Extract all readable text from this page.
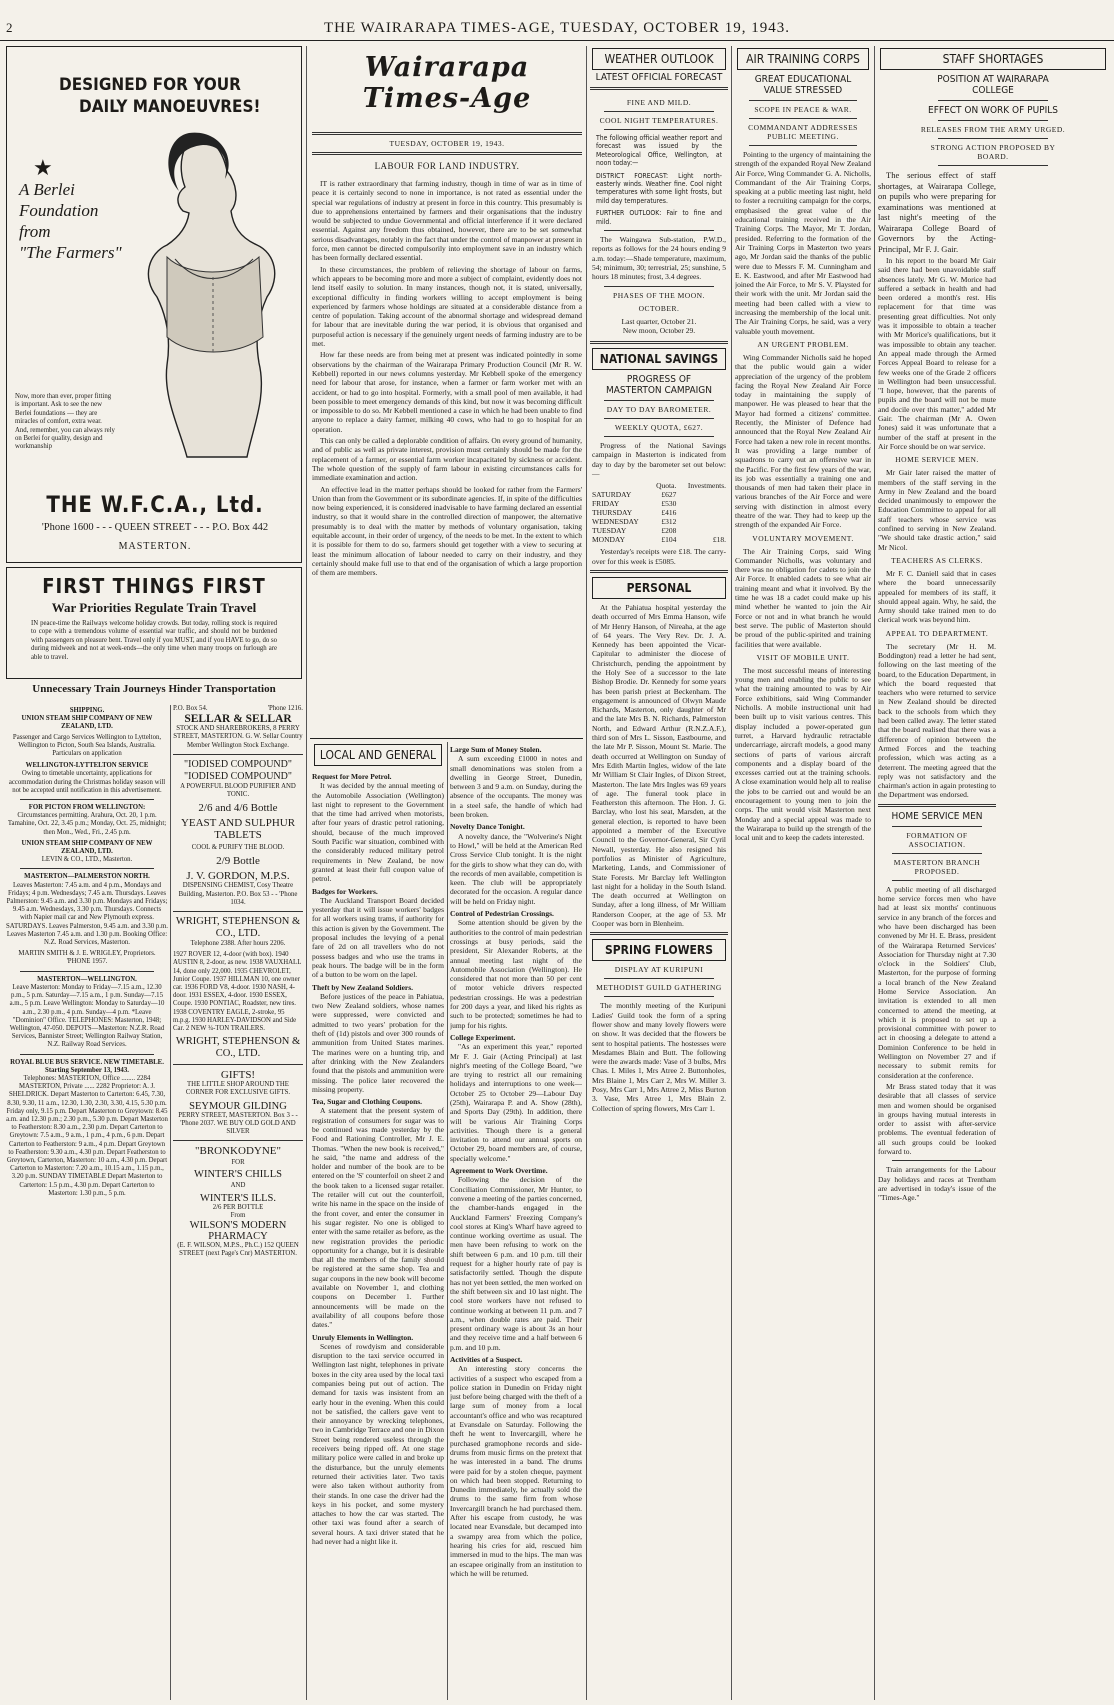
2	THE WAIRARAPA TIMES-AGE, TUESDAY, OCTOBER 19, 1943.
DESIGNED FOR YOUR
DAILY MANOEUVRES!
★
A Berlei
Foundation
from
"The Farmers"
Now, more than ever, proper fitting is important. Ask to see the new Berlei foundations — they are miracles of comfort, extra wear. And, remember, you can always rely on Berlei for quality, design and workmanship
THE W.F.C.A., Ltd.
'Phone 1600 - - - QUEEN STREET - - - P.O. Box 442
MASTERTON.
FIRST THINGS FIRST
War Priorities Regulate Train Travel
IN peace-time the Railways welcome holiday crowds. But today, rolling stock is required to cope with a tremendous volume of essential war traffic, and should not be burdened with passengers on pleasure bent. Travel only if you MUST, and if you HAVE to go, do so during midweek and not at week-ends—the only time when many troops on furlough are able to travel.
Unnecessary Train Journeys Hinder Transportation
SHIPPING.
UNION STEAM SHIP COMPANY OF NEW ZEALAND, LTD.
Passenger and Cargo Services Wellington to Lyttelton, Wellington to Picton, South Sea Islands, Australia. Particulars on application
WELLINGTON-LYTTELTON SERVICE
Owing to timetable uncertainty, applications for accommodation during the Christmas holiday season will not be accepted until notification in this advertisement.
FOR PICTON FROM WELLINGTON:
Circumstances permitting. Arahura, Oct. 20, 1 p.m. Tamahine, Oct. 22, 3.45 p.m.; Monday, Oct. 25, midnight; then Mon., Wed., Fri., 2.45 p.m.
UNION STEAM SHIP COMPANY OF NEW ZEALAND, LTD.
LEVIN & CO., LTD., Masterton.
MASTERTON—PALMERSTON NORTH.
Leaves Masterton: 7.45 a.m. and 4 p.m., Mondays and Fridays; 4 p.m. Wednesdays; 7.45 a.m. Thursdays. Leaves Palmerston: 9.45 a.m. and 3.30 p.m. Mondays and Fridays; 9.45 a.m. Wednesdays, 3.30 p.m. Thursdays. Connects with Napier mail car and New Plymouth express. SATURDAYS. Leaves Palmerston, 9.45 a.m. and 3.30 p.m. Leaves Masterton 7.45 a.m. and 1.30 p.m. Booking Office: N.Z. Road Services, Masterton.
MARTIN SMITH & J. E. WRIGLEY, Proprietors. 'PHONE 1957.
MASTERTON—WELLINGTON.
Leave Masterton: Monday to Friday—7.15 a.m., 12.30 p.m., 5 p.m. Saturday—7.15 a.m., 1 p.m. Sunday—7.15 a.m., 5 p.m. Leave Wellington: Monday to Saturday—10 a.m., 2.30 p.m., 4 p.m. Sunday—4 p.m. *Leave "Dominion" Office. TELEPHONES: Masterton, 1948; Wellington, 47-050. DEPOTS—Masterton: N.Z.R. Road Services, Bannister Street; Wellington Railway Station, N.Z. Railway Road Services.
ROYAL BLUE BUS SERVICE. NEW TIMETABLE. Starting September 13, 1943.
Telephones: MASTERTON, Office ........ 2284 MASTERTON, Private ...... 2282 Proprietor: A. J. SHELDRICK. Depart Masterton to Carterton: 6.45, 7.30, 8.30, 9.30, 11 a.m., 12.30, 1.30, 2.30, 3.30, 4.15, 5.30 p.m. Friday only, 9.15 p.m. Depart Masterton to Greytown: 8.45 a.m. and 12.30 p.m.; 2.30 p.m., 5.30 p.m. Depart Masterton to Featherston: 8.30 a.m., 2.30 p.m. Depart Carterton to Greytown: 7.5 a.m., 9 a.m., 1 p.m., 4 p.m., 6 p.m. Depart Carterton to Featherston: 9 a.m., 4 p.m. Depart Greytown to Featherston: 9.30 a.m., 4.30 p.m. Depart Featherston to Greytown, Carterton, Masterton: 10 a.m., 4.30 p.m. Depart Carterton to Masterton: 7.20 a.m., 10.15 a.m., 1.15 p.m., 3.20 p.m. SUNDAY TIMETABLE Depart Masterton to Carterton: 1.5 p.m., 4.30 p.m. Depart Carterton to Masterton: 1.30 p.m., 5 p.m.
P.O. Box 54.	'Phone 1216.
SELLAR & SELLAR
STOCK AND SHAREBROKERS, 8 PERRY STREET, MASTERTON. G. W. Sellar Country Member Wellington Stock Exchange.
"IODISED COMPOUND" "IODISED COMPOUND"
A POWERFUL BLOOD PURIFIER AND TONIC.
2/6 and 4/6 Bottle
YEAST AND SULPHUR TABLETS
COOL & PURIFY THE BLOOD.
2/9 Bottle
J. V. GORDON, M.P.S.
DISPENSING CHEMIST, Cosy Theatre Building, Masterton. P.O. Box 53 - - 'Phone 1034.
WRIGHT, STEPHENSON & CO., LTD.
Telephone 2388. After hours 2206.
1927 ROVER 12, 4-door (with box). 1940 AUSTIN 8, 2-door, as new. 1938 VAUXHALL 14, done only 22,000. 1935 CHEVROLET, Junior Coupe. 1937 HILLMAN 10, one owner car. 1936 FORD V8, 4-door. 1930 NASH, 4-door. 1931 ESSEX, 4-door. 1930 ESSEX, Coupe. 1930 PONTIAC, Roadster, new tires. 1938 COVENTRY EAGLE, 2-stroke, 95 m.p.g. 1930 HARLEY-DAVIDSON and Side Car. 2 NEW ¾-TON TRAILERS.
WRIGHT, STEPHENSON & CO., LTD.
GIFTS!
THE LITTLE SHOP AROUND THE CORNER FOR EXCLUSIVE GIFTS.
SEYMOUR GILDING
PERRY STREET, MASTERTON. Box 3 - - 'Phone 2037. WE BUY OLD GOLD AND SILVER
"BRONKODYNE"
FOR
WINTER'S CHILLS
AND
WINTER'S ILLS.
2/6 PER BOTTLE
From
WILSON'S MODERN PHARMACY
(E. F. WILSON, M.P.S., Ph.C.) 152 QUEEN STREET (next Page's Cnr) MASTERTON.
Wairarapa Times-Age
TUESDAY, OCTOBER 19, 1943.
LABOUR FOR LAND INDUSTRY.
IT is rather extraordinary that farming industry, though in time of war as in time of peace it is certainly second to none in importance, is not rated as essential under the special war regulations of industry at present in force in this country. This presumably is due to apprehensions entertained by farmers and their organisations that the industry would be subjected to undue Governmental and official interference if it were declared essential. Against any freedom thus obtained, however, there are to be set somewhat serious disadvantages, notably in the fact that under the control of manpower at present in force, men cannot be directed compulsorily into employment save in an industry which has been formally declared essential.
In these circumstances, the problem of relieving the shortage of labour on farms, which appears to be becoming more and more a subject of complaint, evidently does not lend itself easily to solution. In many instances, though not, it is stated, universally, exceptional difficulty in finding workers willing to accept employment is being experienced by farmers whose holdings are situated at a considerable distance from a centre of population. Taking account of the abnormal shortage and widespread demand for labour that are inevitable during the war period, it is obvious that organised and purposeful action is necessary if the genuinely urgent needs of farming industry are to be met.
How far these needs are from being met at present was indicated pointedly in some observations by the chairman of the Wairarapa Primary Production Council (Mr R. W. Kebbell) reported in our news columns yesterday. Mr Kebbell spoke of the emergency need for labour that arose, for instance, when a farmer or farm worker met with an accident, or had to go into hospital. Formerly, with a small pool of men available, it had been possible to meet emergency demands of this kind, but now it was becoming difficult or impossible to do so. Mr Kebbell mentioned a case in which he had been unable to find anyone to replace a dairy farmer, milking 40 cows, who had to go to hospital for an operation.
This can only be called a deplorable condition of affairs. On every ground of humanity, and of public as well as private interest, provision must certainly should be made for the replacement of a farmer, or essential farm worker incapacitated by sickness or accident. The whole question of the supply of farm labour in existing circumstances calls for immediate examination and action.
An effective lead in the matter perhaps should be looked for rather from the Farmers' Union than from the Government or its subordinate agencies. If, in spite of the difficulties now being experienced, it is considered inadvisable to have farming declared an essential industry, so that it would share in the controlled direction of manpower, the alternative presumably is to deal with the matter by methods of voluntary organisation, taking equitable account, in their order of urgency, of the needs to be met. In the extent to which it is possible for them to do so, farmers should get together with a view to securing at least the minimum allocation of labour needed to carry on their industry, and they certainly should make full use to that end of the organisation of which a large proportion of them are members.
LOCAL AND GENERAL
Request for More Petrol.
It was decided by the annual meeting of the Automobile Association (Wellington) last night to represent to the Government that the time had arrived when motorists, after four years of drastic petrol rationing, should, because of the much improved South Pacific war situation, combined with the considerably reduced military petrol requirements in New Zealand, be now granted at least their full coupon value of petrol.
Badges for Workers.
The Auckland Transport Board decided yesterday that it will issue workers' badges for all workers using trams, if authority for this action is given by the Government. The proposal includes the levying of a penal fare of 2d on all travellers who do not possess badges and who use the trams in peak hours. The badge will be in the form of a button to be worn on the lapel.
Theft by New Zealand Soldiers.
Before justices of the peace in Pahiatua, two New Zealand soldiers, whose names were suppressed, were convicted and admitted to two years' probation for the theft of (1d) pistols and over 300 rounds of ammunition from United States marines. The marines were on a hunting trip, and after drinking with the New Zealanders found that the pistols and ammunition were missing. The police later recovered the missing property.
Tea, Sugar and Clothing Coupons.
A statement that the present system of registration of consumers for sugar was to be continued was made yesterday by the Food and Rationing Controller, Mr J. E. Thomas. "When the new book is received," he said, "the name and address of the holder and number of the book are to be entered on the 'S' counterfoil on sheet 2 and the book taken to a licensed sugar retailer. The retailer will cut out the counterfoil, write his name in the space on the inside of the front cover, and enter the consumer in his sugar register. No one is obliged to enter with the same retailer as before, as the new registration provides the periodic opportunity for a change, but it is desirable that all the members of the family should be registered at the same shop. Tea and sugar coupons in the new book will become available on November 1, and clothing coupons on December 1. Further announcements will be made on the availability of all coupons before those dates."
Unruly Elements in Wellington.
Scenes of rowdyism and considerable disruption to the taxi service occurred in Wellington last night, telephones in private boxes in the city area used by the local taxi companies being put out of action. The demand for taxis was insistent from an early hour in the evening. When this could not be satisfied, the callers gave vent to their annoyance by wrecking telephones, two in Cambridge Terrace and one in Dixon Street being rendered useless through the receivers being ripped off. At one stage military police were called in and broke up the disturbance, but the unruly elements returned their activities later. Two taxis were also taken without authority from their stands. In one case the driver had the keys in his pocket, and some mystery attaches to how the car was started. The other taxi was found after a search of several hours. A taxi driver stated that he had never had a night like it.
Large Sum of Money Stolen.
A sum exceeding £1000 in notes and small denominations was stolen from a dwelling in George Street, Dunedin, between 3 and 9 a.m. on Sunday, during the absence of the occupants. The money was in a steel safe, the handle of which had been broken.
Novelty Dance Tonight.
A novelty dance, the "Wolverine's Night to Howl," will be held at the American Red Cross Service Club tonight. It is the night for the girls to show what they can do, with the records of men available, competition is keen. The club will be appropriately decorated for the occasion. A regular dance will be held on Friday night.
Control of Pedestrian Crossings.
Some attention should be given by the authorities to the control of main pedestrian crossings at busy periods, said the president, Sir Alexander Roberts, at the annual meeting last night of the Automobile Association (Wellington). He considered that not more than 50 per cent of motor vehicle drivers respected pedestrian crossings. He was a pedestrian for 200 days a year, and liked his rights as such to be protected; sometimes he had to jump for his rights.
College Experiment.
"As an experiment this year," reported Mr F. J. Gair (Acting Principal) at last night's meeting of the College Board, "we are trying to restrict all our remaining holidays and interruptions to one week—October 25 to October 29—Labour Day (25th), Wairarapa P. and A. Show (28th), and Sports Day (29th). In addition, there will be various Air Training Corps activities. Though there is a general invitation to attend our annual sports on October 29, board members are, of course, specially welcome."
Agreement to Work Overtime.
Following the decision of the Conciliation Commissioner, Mr Hunter, to convene a meeting of the parties concerned, the chamber-hands engaged in the Auckland Farmers' Freezing Company's cool stores at King's Wharf have agreed to continue working overtime as usual. The men have been refusing to work on the shift between 6 p.m. and 10 p.m. till their request for a higher hourly rate of pay is satisfactorily settled. Though the dispute has not yet been settled, the men worked on the shift between six and 10 last night. The cool store workers have not refused to continue working at between 11 p.m. and 7 a.m., when double rates are paid. Their present ordinary wage is about 3s an hour and they receive time and a half between 6 p.m. and 10 p.m.
Activities of a Suspect.
An interesting story concerns the activities of a suspect who escaped from a police station in Dunedin on Friday night just before being charged with the theft of a large sum of money from a local accountant's office and who was recaptured at Evansdale on Saturday. Following the theft he went to Invercargill, where he purchased gramophone records and side-drums from music firms on the pretext that he was interested in a band. The drums were paid for by a stolen cheque, payment on which had been stopped. Returning to Dunedin immediately, he actually sold the drums to the same firm from whose Invercargill branch he had purchased them. After his escape from custody, he was located near Evansdale, but decamped into a swampy area from which the police, hearing his cries for aid, rescued him immersed in mud to the hips. The man was an escapee originally from an institution to which he will be returned.
WEATHER OUTLOOK
LATEST OFFICIAL FORECAST
FINE AND MILD.
COOL NIGHT TEMPERATURES.
The following official weather report and forecast was issued by the Meteorological Office, Wellington, at noon today:—
DISTRICT FORECAST: Light north-easterly winds. Weather fine. Cool night temperatures with some light frosts, but mild day temperatures.
FURTHER OUTLOOK: Fair to fine and mild.
The Waingawa Sub-station, P.W.D., reports as follows for the 24 hours ending 9 a.m. today:—Shade temperature, maximum, 54; minimum, 30; terrestrial, 25; sunshine, 5 hours 18 minutes; frost, 3.4 degrees.
PHASES OF THE MOON.
OCTOBER.
Last quarter, October 21.
New moon, October 29.
NATIONAL SAVINGS
PROGRESS OF MASTERTON CAMPAIGN
DAY TO DAY BAROMETER.
WEEKLY QUOTA, £627.
Progress of the National Savings campaign in Masterton is indicated from day to day by the barometer set out below:—
	Quota.	Investments.
SATURDAY	£627	
FRIDAY	£530	
THURSDAY	£416	
WEDNESDAY	£312	
TUESDAY	£208	
MONDAY	£104	£18.
Yesterday's receipts were £18. The carry-over for this week is £5085.
PERSONAL
At the Pahiatua hospital yesterday the death occurred of Mrs Emma Hanson, wife of Mr Henry Hanson, of Nireaha, at the age of 64 years. The Very Rev. Dr. J. A. Kennedy has been appointed the Vicar-Capitular to administer the diocese of Christchurch, pending the appointment by the Holy See of a successor to the late Bishop Brodie. Dr. Kennedy for some years has been parish priest at Beckenham. The engagement is announced of Olwyn Maude Richards, Masterton, only daughter of Mr and the late Mrs B. N. Richards, Palmerston North, and Edward Arthur (R.N.Z.A.F.), third son of Mrs L. Sisson, Eastbourne, and the late Mr P. Sisson, Mount St. Marie. The death occurred at Wellington on Sunday of Mrs Edith Martin Ingles, widow of the late Mr William St Clair Ingles, of Dixon Street, Masterton. The late Mrs Ingles was 69 years of age. The funeral took place in Featherston this afternoon. The Hon. J. G. Barclay, who lost his seat, Marsden, at the general election, is reported to have been appointed a member of the Executive Council to the Governor-General, Sir Cyril Newall, yesterday. He also resigned his portfolios as Minister of Agriculture, Marketing, Lands, and Commissioner of State Forests. Mr Barclay left Wellington last night for a holiday in the South Island. The death occurred at Wellington on Sunday, after a long illness, of Mr William Randerson Cooper, at the age of 53. Mr Cooper was born in Blenheim.
SPRING FLOWERS
DISPLAY AT KURIPUNI
METHODIST GUILD GATHERING
The monthly meeting of the Kuripuni Ladies' Guild took the form of a spring flower show and many lovely flowers were on show. It was decided that the flowers be sent to hospital patients. The hostesses were Mesdames Blain and Butt. The following were the awards made: Vase of 3 bulbs, Mrs Chas. I. Miles 1, Mrs Atree 2. Buttonholes, Mrs Blaine 1, Mrs Carr 2, Mrs W. Miller 3. Posy, Mrs Carr 1, Mrs Attree 2, Miss Burton 3. Vase, Mrs Atree 1, Mrs Blain 2. Collection of spring flowers, Mrs Carr 1.
AIR TRAINING CORPS
GREAT EDUCATIONAL VALUE STRESSED
SCOPE IN PEACE & WAR.
COMMANDANT ADDRESSES PUBLIC MEETING.
Pointing to the urgency of maintaining the strength of the expanded Royal New Zealand Air Force, Wing Commander G. A. Nicholls, Commandant of the Air Training Corps, speaking at a public meeting last night, held to foster a recruiting campaign for the corps, emphasised the great value of the educational training received in the Air Training Corps. The Mayor, Mr T. Jordan, presided. Referring to the formation of the Air Training Corps in Masterton two years ago, Mr Jordan said the thanks of the public were due to Messrs F. M. Cunningham and E. K. Eastwood, and after Mr Eastwood had joined the Air Force, to Mr S. V. Playsted for their work with the unit. Mr Jordan said the meeting had been called with a view to increasing the membership of the local unit. The Air Training Corps, he said, was a very valuable youth movement.
AN URGENT PROBLEM.
Wing Commander Nicholls said he hoped that the public would gain a wider appreciation of the urgency of the problem facing the Royal New Zealand Air Force today in maintaining the supply of manpower. He was pleased to hear that the Mayor had formed a citizens' committee. Recently, the Minister of Defence had announced that the Royal New Zealand Air Force had taken a new role in recent months. It was providing a large number of squadrons to carry out an offensive war in the Pacific. For the first few years of the war, its job was essentially a training one and thousands of men had taken their place in various branches of the Air Force and were serving with distinction in almost every theatre of the war. They had to keep up the strength of the expanded Air Force.
VOLUNTARY MOVEMENT.
The Air Training Corps, said Wing Commander Nicholls, was voluntary and there was no obligation for cadets to join the Air Force. It enabled cadets to see what air training meant and what it involved. By the time he was 18 a cadet could make up his mind whether he wanted to join the Air Force or not and in what branch he would best serve. The public of Masterton should be proud of the public-spirited and training facilities that were available.
VISIT OF MOBILE UNIT.
The most successful means of interesting young men and enabling the public to see what the training amounted to was by Air Force exhibitions, said Wing Commander Nicholls. A mobile instructional unit had been built up to visit various centres. This display included a power-operated gun turret, a Harvard hydraulic retractable undercarriage, aircraft models, a good many sections of parts of various aircraft components and a display board of the excesses carried out at the training schools. A close examination would help all to realise the jobs to be carried out and would be an encouragement to young men to join the corps. The unit would visit Masterton next Monday and a special appeal was made to the Wairarapa to build up the strength of the local unit and to keep the cadets interested.
STAFF SHORTAGES
POSITION AT WAIRARAPA COLLEGE
EFFECT ON WORK OF PUPILS
RELEASES FROM THE ARMY URGED.
STRONG ACTION PROPOSED BY BOARD.
The serious effect of staff shortages, at Wairarapa College, on pupils who were preparing for examinations was mentioned at last night's meeting of the Wairarapa College Board of Governors by the Acting-Principal, Mr F. J. Gair.
In his report to the board Mr Gair said there had been unavoidable staff absences lately. Mr G. W. Morice had suffered a setback in health and had been ordered a month's rest. His replacement for that time was presenting great difficulties. Not only was it impossible to obtain a teacher with Mr Morice's qualifications, but it was impossible to obtain any teacher. An appeal made through the Armed Forces Appeal Board to release for a few weeks one of the Grade 2 officers in Wellington had been unsuccessful. "I hope, however, that the parents of pupils and the board will not be mute and docile over this matter," added Mr Gair. The chairman (Mr A. Owen Jones) said it was unfortunate that a number of the staff at present in the Air Force should be on war service.
HOME SERVICE MEN.
Mr Gair later raised the matter of members of the staff serving in the Army in New Zealand and the board decided unanimously to empower the Education Committee to appeal for all staff teachers whose service was confined to serving in New Zealand. "We should take drastic action," said Mr Nicol.
TEACHERS AS CLERKS.
Mr F. C. Daniell said that in cases where the board unnecessarily appealed for members of its staff, it should appeal again. Why, he said, the Army should take trained men to do clerical work was beyond him.
APPEAL TO DEPARTMENT.
The secretary (Mr H. M. Boddington) read a letter he had sent, following on the last meeting of the board, to the Education Department, in which the board requested that teachers who were returned to service in New Zealand should be directed back to the schools from which they had been called away. The letter stated that the board realised that there was a difference of opinion between the Armed Forces and the teaching profession, which was acting as a deterrent. The meeting agreed that the reply was not satisfactory and the chairman's action in again protesting to the Department was endorsed.
HOME SERVICE MEN
FORMATION OF ASSOCIATION.
MASTERTON BRANCH PROPOSED.
A public meeting of all discharged home service forces men who have had at least six months' continuous service in any branch of the forces and who have been discharged has been convened by Mr H. E. Brass, president of the Wairarapa Returned Services' Association for Thursday night at 7.30 o'clock in the Soldiers' Club, Masterton, for the purpose of forming a local branch of the New Zealand Home Service Association. An invitation is extended to all men concerned to attend the meeting, at which it is proposed to set up a provisional committee with power to act in choosing a delegate to attend a Dominion Conference to be held in Wellington on November 27 and if necessary to submit remits for consideration at the conference.
Mr Brass stated today that it was desirable that all classes of service men and women should be organised in groups having mutual interests in order to assist with after-service problems. The eventual federation of all such groups could be looked forward to.
Train arrangements for the Labour Day holidays and races at Trentham are advertised in today's issue of the "Times-Age."
